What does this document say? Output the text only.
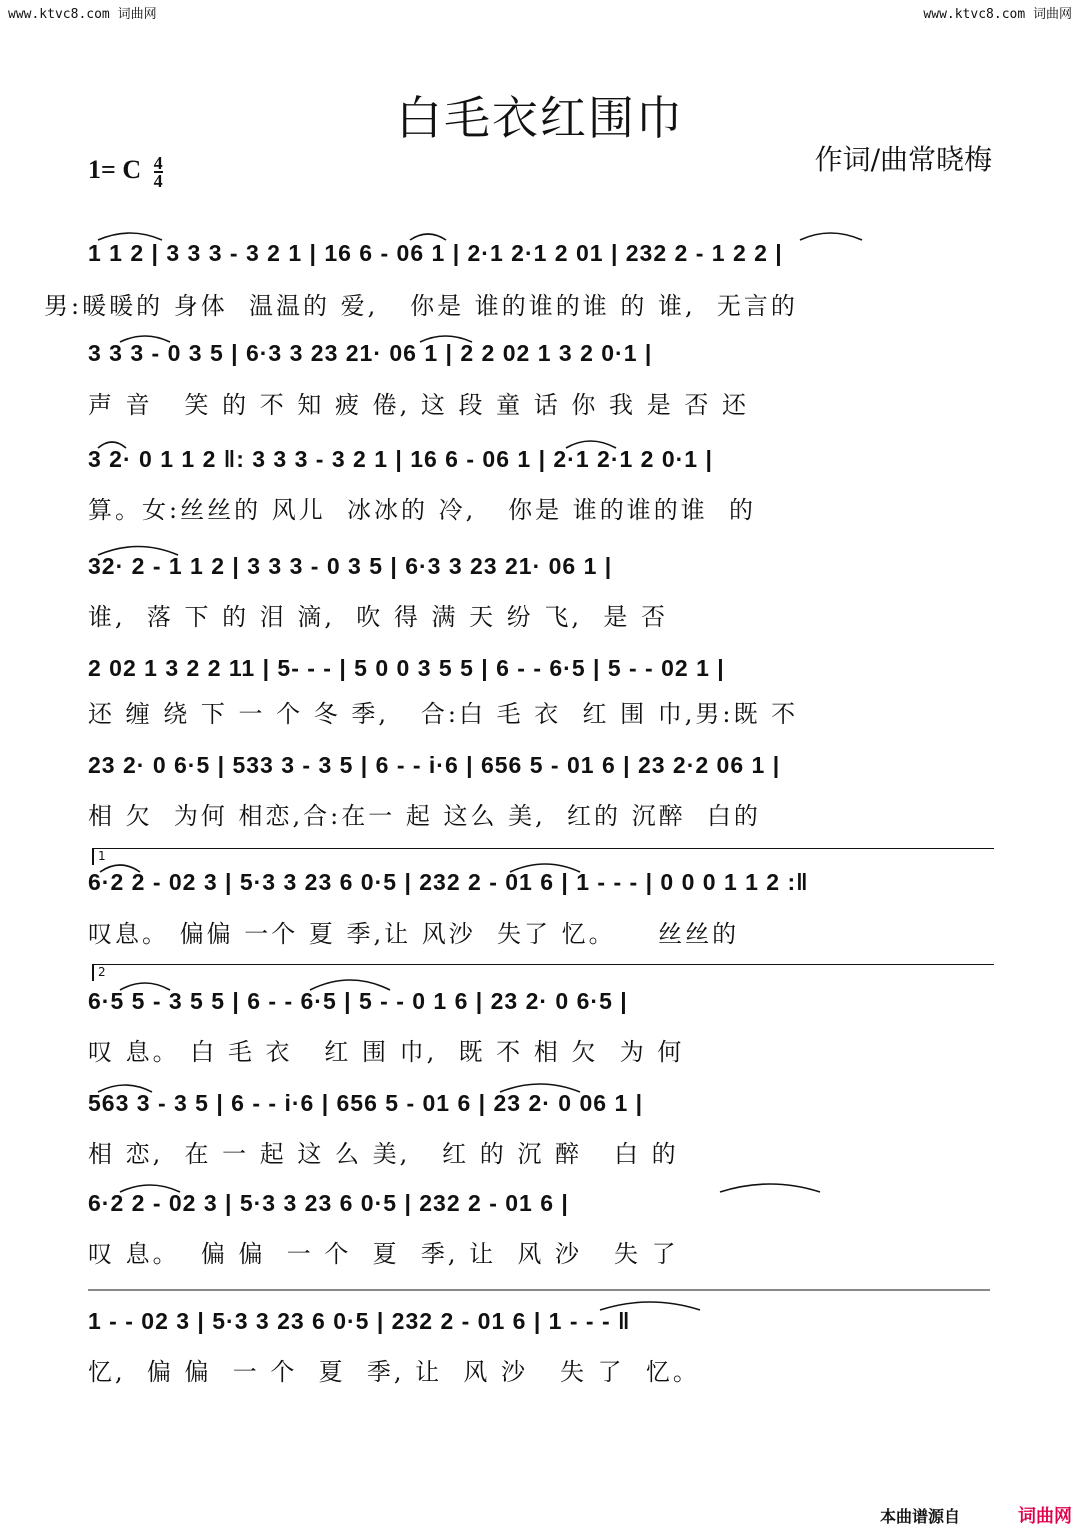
www.ktvc8.com 词曲网	www.ktvc8.com 词曲网
白毛衣红围巾
作词/曲常晓梅
1= C $\frac{4}{4}$
1 1 2 | 3 3 3 - 3 2 1 | 16 6 - 06 1 | 2·1 2·1 2 01 | 232 2 - 1 2 2 |
男:暖暖的 身体  温温的 爱,   你是 谁的谁的谁 的 谁,  无言的
3 3 3 - 0 3 5 | 6·3 3 23 21· 06 1 | 2 2 02 1 3 2 0·1 |
声 音   笑 的 不 知 疲 倦, 这 段 童 话 你 我 是 否 还
3 2· 0 1 1 2 ‖: 3 3 3 - 3 2 1 | 16 6 - 06 1 | 2·1 2·1 2 0·1 |
算。女:丝丝的 风儿  冰冰的 冷,   你是 谁的谁的谁  的
32· 2 - 1 1 2 | 3 3 3 - 0 3 5 | 6·3 3 23 21· 06 1 |
谁,  落 下 的 泪 滴,  吹 得 满 天 纷 飞,  是 否
2 02 1 3 2 2 11 | 5- - - | 5 0 0 3 5 5 | 6 - - 6·5 | 5 - - 02 1 |
还 缠 绕 下 一 个 冬 季,   合:白 毛 衣  红 围 巾,男:既 不
23 2· 0 6·5 | 533 3 - 3 5 | 6 - - i·6 | 656 5 - 01 6 | 23 2·2 06 1 |
相 欠  为何 相恋,合:在一 起 这么 美,  红的 沉醉  白的
1
6·2 2 - 02 3 | 5·3 3 23 6 0·5 | 232 2 - 01 6 | 1 - - - | 0 0 0 1 1 2 :‖
叹息。 偏偏 一个 夏 季,让 风沙  失了 忆。    丝丝的
2
6·5 5 - 3 5 5 | 6 - - 6·5 | 5 - - 0 1 6 | 23 2· 0 6·5 |
叹 息。 白 毛 衣   红 围 巾,  既 不 相 欠  为 何
563 3 - 3 5 | 6 - - i·6 | 656 5 - 01 6 | 23 2· 0 06 1 |
相 恋,  在 一 起 这 么 美,   红 的 沉 醉   白 的
6·2 2 - 02 3 | 5·3 3 23 6 0·5 | 232 2 - 01 6 |
叹 息。  偏 偏  一 个  夏  季, 让  风 沙   失 了
1 - - 02 3 | 5·3 3 23 6 0·5 | 232 2 - 01 6 | 1 - - - ‖
忆,  偏 偏  一 个  夏  季, 让  风 沙   失 了  忆。
本曲谱源自	词曲网
